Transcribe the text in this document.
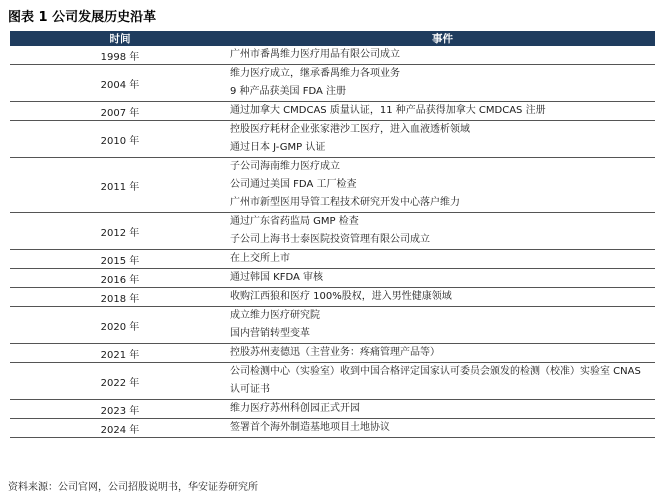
图表 1 公司发展历史沿革
时间	事件
1998 年	广州市番禺维力医疗用品有限公司成立

2004 年	维力医疗成立，继承番禺维力各项业务
9 种产品获美国 FDA 注册

2007 年	通过加拿大 CMDCAS 质量认证，11 种产品获得加拿大 CMDCAS 注册

2010 年	控股医疗耗材企业张家港沙工医疗，进入血液透析领域
通过日本 J-GMP 认证

2011 年	子公司海南维力医疗成立
公司通过美国 FDA 工厂检查
广州市新型医用导管工程技术研究开发中心落户维力

2012 年	通过广东省药监局 GMP 检查
子公司上海书士泰医院投资管理有限公司成立

2015 年	在上交所上市

2016 年	通过韩国 KFDA 审核

2018 年	收购江西狼和医疗 100%股权，进入男性健康领域

2020 年	成立维力医疗研究院
国内营销转型变革

2021 年	控股苏州麦德迅（主营业务：疼痛管理产品等）

2022 年	公司检测中心（实验室）收到中国合格评定国家认可委员会颁发的检测（校准）实验室 CNAS 认可证书

2023 年	维力医疗苏州科创园正式开园

2024 年	签署首个海外制造基地项目土地协议
资料来源：公司官网，公司招股说明书，华安证券研究所
